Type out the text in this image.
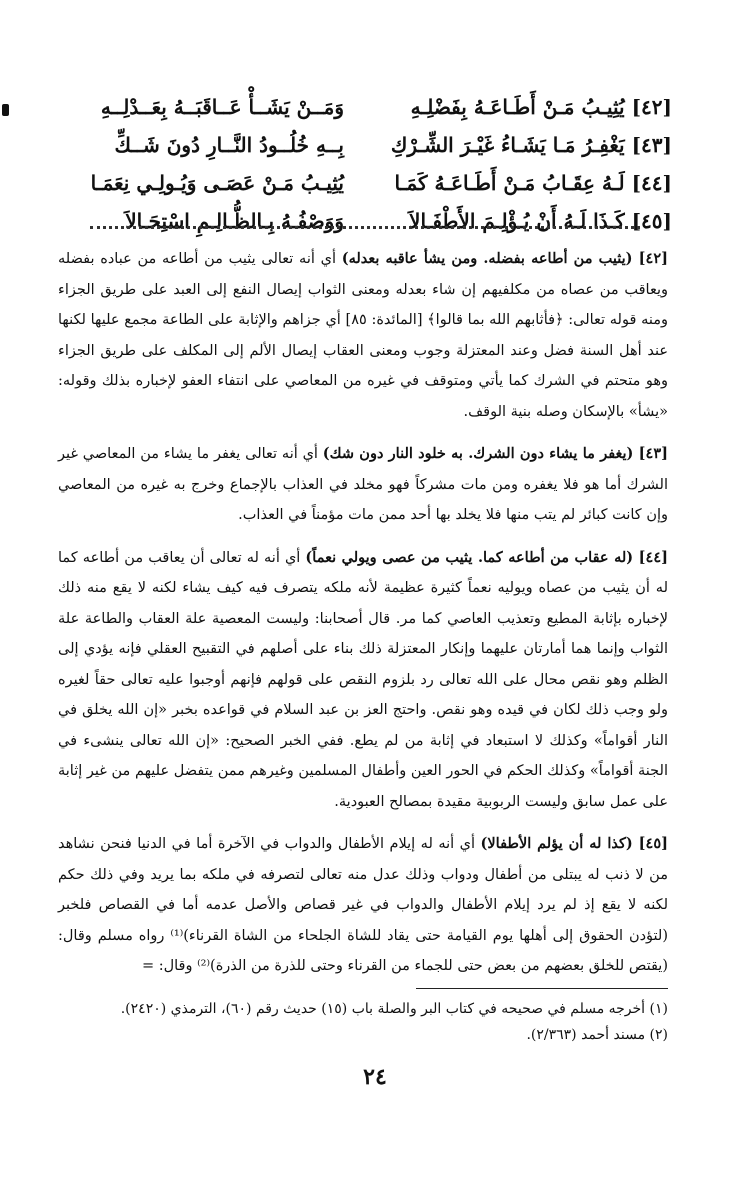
[٤٢] يُثِيـبُ مَـنْ أَطَـاعَـهُ بِفَضْلِـهِ
وَمَــنْ يَشَــأْ عَــاقَبَــهُ بِعَــدْلِــهِ
[٤٣] يَغْفِـرُ مَـا يَشَـاءُ غَيْـرَ الشِّـرْكِ
بِــهِ خُلُــودُ النَّــارِ دُونَ شَــكِّ
[٤٤] لَـهُ عِقَـابُ مَـنْ أَطَـاعَـهُ كَمَـا
يُثِيـبُ مَـنْ عَصَـى وَيُـولِـي نِعَمَـا
[٤٥] كَـذَا لَـهُ أَنْ يُـؤْلِـمَ الأَطْفَـالاَ
وَوَصْفُـهُ بِـالظُّـالِـمِ اسْتِحَـالاَ

[٤٢] (يثيب من أطاعه بفضله. ومن يشأ عاقبه بعدله) أي أنه تعالى يثيب من أطاعه من عباده بفضله ويعاقب من عصاه من مكلفيهم إن شاء بعدله ومعنى الثواب إيصال النفع إلى العبد على طريق الجزاء ومنه قوله تعالى: ﴿فأثابهم الله بما قالوا﴾ [المائدة: ٨٥] أي جزاهم والإثابة على الطاعة مجمع عليها لكنها عند أهل السنة فضل وعند المعتزلة وجوب ومعنى العقاب إيصال الألم إلى المكلف على طريق الجزاء وهو متحتم في الشرك كما يأتي ومتوقف في غيره من المعاصي على انتفاء العفو لإخباره بذلك وقوله: «يشأ» بالإسكان وصله بنية الوقف.

[٤٣] (يغفر ما يشاء دون الشرك. به خلود النار دون شك) أي أنه تعالى يغفر ما يشاء من المعاصي غير الشرك أما هو فلا يغفره ومن مات مشركاً فهو مخلد في العذاب بالإجماع وخرج به غيره من المعاصي وإن كانت كبائر لم يتب منها فلا يخلد بها أحد ممن مات مؤمناً في العذاب.

[٤٤] (له عقاب من أطاعه كما. يثيب من عصى ويولي نعماً) أي أنه له تعالى أن يعاقب من أطاعه كما له أن يثيب من عصاه ويوليه نعماً كثيرة عظيمة لأنه ملكه يتصرف فيه كيف يشاء لكنه لا يقع منه ذلك لإخباره بإثابة المطيع وتعذيب العاصي كما مر. قال أصحابنا: وليست المعصية علة العقاب والطاعة علة الثواب وإنما هما أمارتان عليهما وإنكار المعتزلة ذلك بناء على أصلهم في التقبيح العقلي فإنه يؤدي إلى الظلم وهو نقص محال على الله تعالى رد بلزوم النقص على قولهم فإنهم أوجبوا عليه تعالى حقاً لغيره ولو وجب ذلك لكان في قيده وهو نقص. واحتج العز بن عبد السلام في قواعده بخبر «إن الله يخلق في النار أقواماً» وكذلك لا استبعاد في إثابة من لم يطع. ففي الخبر الصحيح: «إن الله تعالى ينشىء في الجنة أقواماً» وكذلك الحكم في الحور العين وأطفال المسلمين وغيرهم ممن يتفضل عليهم من غير إثابة على عمل سابق وليست الربوبية مقيدة بمصالح العبودية.

[٤٥] (كذا له أن يؤلم الأطفالا) أي أنه له إيلام الأطفال والدواب في الآخرة أما في الدنيا فنحن نشاهد من لا ذنب له يبتلى من أطفال ودواب وذلك عدل منه تعالى لتصرفه في ملكه بما يريد وفي ذلك حكم لكنه لا يقع إذ لم يرد إيلام الأطفال والدواب في غير قصاص والأصل عدمه أما في القصاص فلخبر (لتؤدن الحقوق إلى أهلها يوم القيامة حتى يقاد للشاة الجلحاء من الشاة القرناء)⁽¹⁾ رواه مسلم وقال: (يقتص للخلق بعضهم من بعض حتى للجماء من القرناء وحتى للذرة من الذرة)⁽²⁾ وقال: =

(١) أخرجه مسلم في صحيحه في كتاب البر والصلة باب (١٥) حديث رقم (٦٠)، الترمذي (٢٤٢٠).
(٢) مسند أحمد (٢/٣٦٣).
٢٤
